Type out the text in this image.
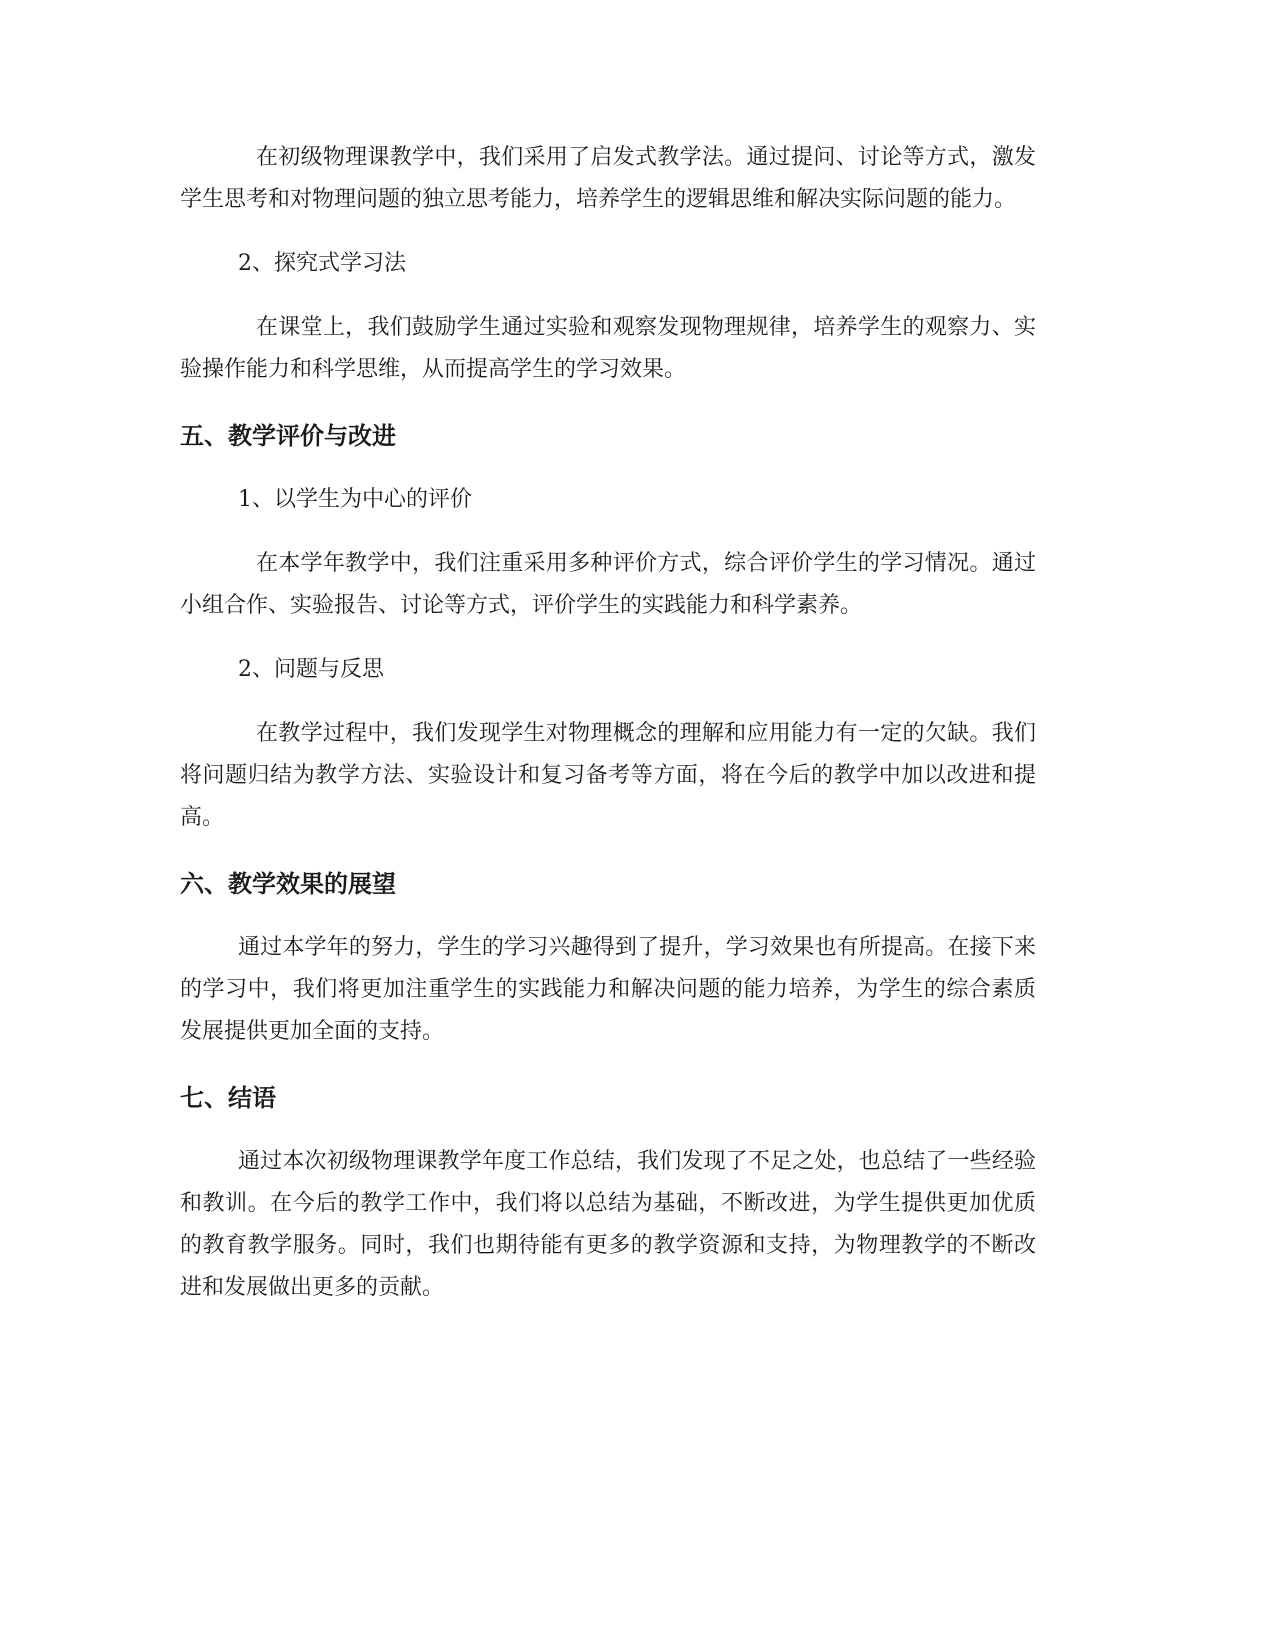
在初级物理课教学中，我们采用了启发式教学法。通过提问、讨论等方式，激发学生思考和对物理问题的独立思考能力，培养学生的逻辑思维和解决实际问题的能力。

2、探究式学习法

在课堂上，我们鼓励学生通过实验和观察发现物理规律，培养学生的观察力、实验操作能力和科学思维，从而提高学生的学习效果。

五、教学评价与改进

1、以学生为中心的评价

在本学年教学中，我们注重采用多种评价方式，综合评价学生的学习情况。通过小组合作、实验报告、讨论等方式，评价学生的实践能力和科学素养。

2、问题与反思

在教学过程中，我们发现学生对物理概念的理解和应用能力有一定的欠缺。我们将问题归结为教学方法、实验设计和复习备考等方面，将在今后的教学中加以改进和提高。

六、教学效果的展望

通过本学年的努力，学生的学习兴趣得到了提升，学习效果也有所提高。在接下来的学习中，我们将更加注重学生的实践能力和解决问题的能力培养，为学生的综合素质发展提供更加全面的支持。

七、结语

通过本次初级物理课教学年度工作总结，我们发现了不足之处，也总结了一些经验和教训。在今后的教学工作中，我们将以总结为基础，不断改进，为学生提供更加优质的教育教学服务。同时，我们也期待能有更多的教学资源和支持，为物理教学的不断改进和发展做出更多的贡献。
